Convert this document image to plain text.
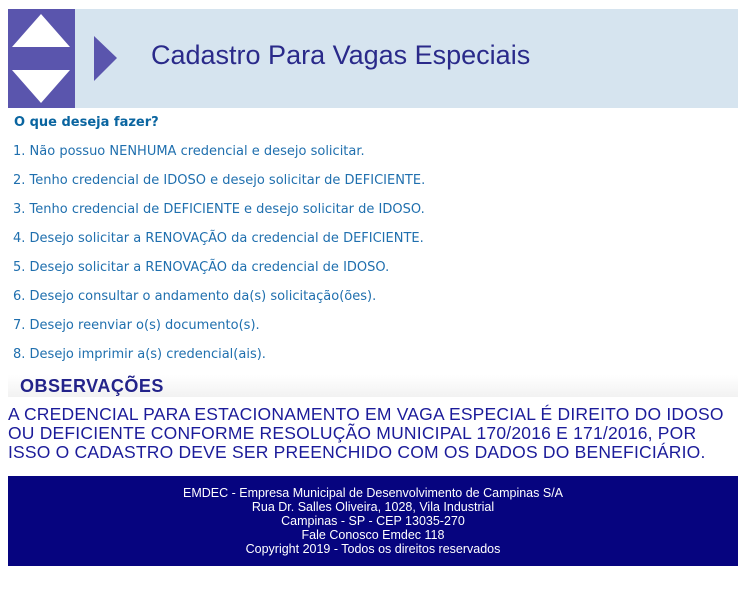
Cadastro Para Vagas Especiais
O que deseja fazer?
1. Não possuo NENHUMA credencial e desejo solicitar.
2. Tenho credencial de IDOSO e desejo solicitar de DEFICIENTE.
3. Tenho credencial de DEFICIENTE e desejo solicitar de IDOSO.
4. Desejo solicitar a RENOVAÇÃO da credencial de DEFICIENTE.
5. Desejo solicitar a RENOVAÇÃO da credencial de IDOSO.
6. Desejo consultar o andamento da(s) solicitação(ões).
7. Desejo reenviar o(s) documento(s).
8. Desejo imprimir a(s) credencial(ais).
OBSERVAÇÕES
A CREDENCIAL PARA ESTACIONAMENTO EM VAGA ESPECIAL É DIREITO DO IDOSO OU DEFICIENTE CONFORME RESOLUÇÃO MUNICIPAL 170/2016 E 171/2016, POR ISSO O CADASTRO DEVE SER PREENCHIDO COM OS DADOS DO BENEFICIÁRIO.
EMDEC - Empresa Municipal de Desenvolvimento de Campinas S/A
Rua Dr. Salles Oliveira, 1028, Vila Industrial
Campinas - SP - CEP 13035-270
Fale Conosco Emdec 118
Copyright 2019 - Todos os direitos reservados
